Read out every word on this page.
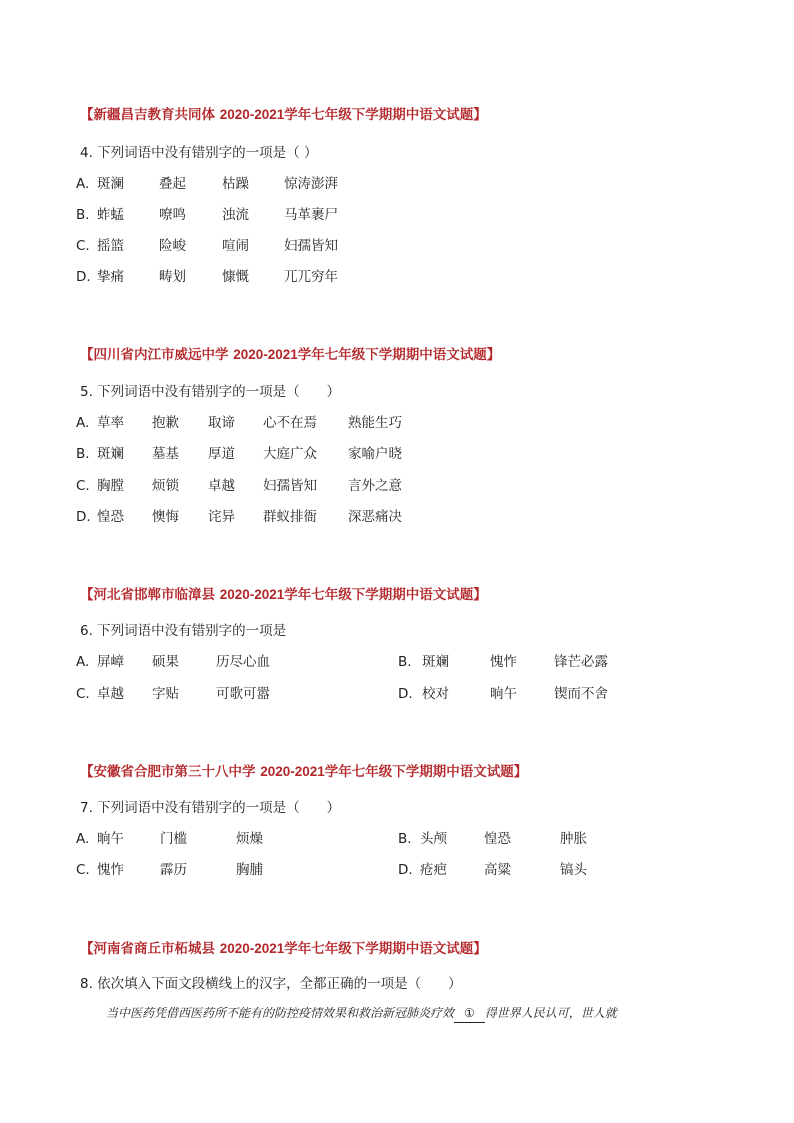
【新疆昌吉教育共同体 2020-2021学年七年级下学期期中语文试题】
4. 下列词语中没有错别字的一项是（ ）
A. 斑澜	叠起	枯躁	惊涛澎湃
B. 蚱蜢	嘹鸣	浊流	马革裹尸
C. 摇篮	险峻	喧闹	妇孺皆知
D. 挚痛	畴划	慷慨	兀兀穷年
【四川省内江市威远中学 2020-2021学年七年级下学期期中语文试题】
5. 下列词语中没有错别字的一项是（　　）
A. 草率 抱歉 取谛 心不在焉 熟能生巧
B. 斑斓 墓基 厚道 大庭广众 家喻户晓
C. 胸膛 烦锁 卓越 妇孺皆知 言外之意
D. 惶恐 懊悔 诧异 群蚁排衙 深恶痛决
【河北省邯郸市临漳县 2020-2021学年七年级下学期期中语文试题】
6. 下列词语中没有错别字的一项是
A. 屏嶂 硕果	历尽心血	B. 斑斓	愧怍	锋芒必露
C. 卓越 字贴	可歌可嚣	D. 校对	晌午	锲而不舍
【安徽省合肥市第三十八中学 2020-2021学年七年级下学期期中语文试题】
7. 下列词语中没有错别字的一项是（　　）
A. 晌午	门槛	烦燥	B. 头颅	惶恐	肿胀
C. 愧怍	霹历	胸脯	D. 疮疤	高粱	镐头
【河南省商丘市柘城县 2020-2021学年七年级下学期期中语文试题】
8. 依次填入下面文段横线上的汉字，全都正确的一项是（　　）
当中医药凭借西医药所不能有的防控疫情效果和救治新冠肺炎疗效 ① 得世界人民认可，世人就
